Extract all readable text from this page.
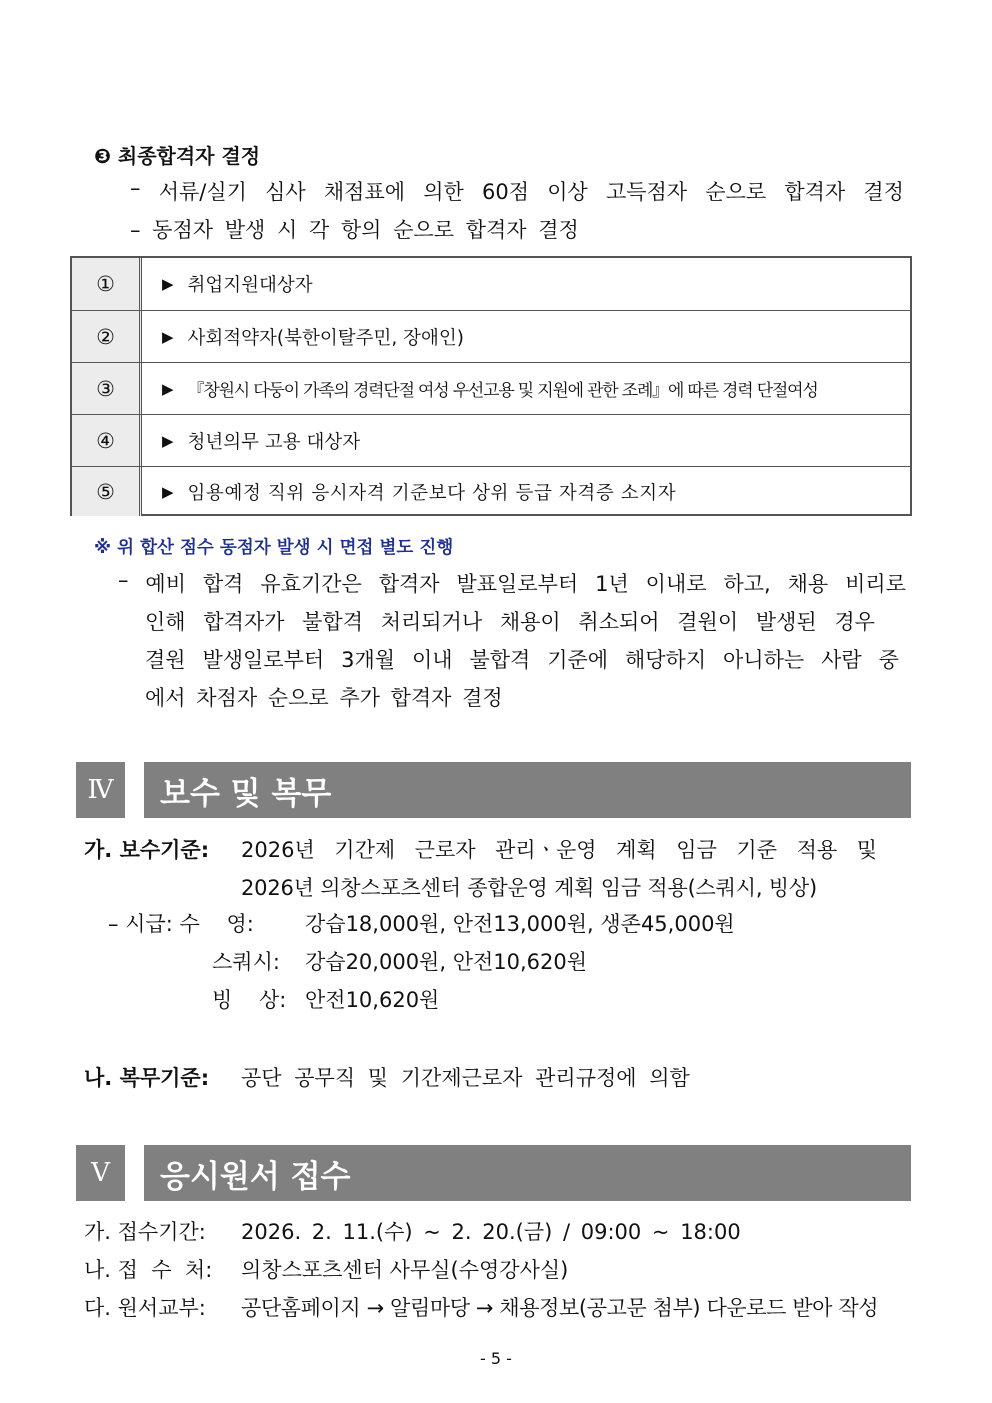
❸ 최종합격자 결정
– 서류/실기 심사 채점표에 의한 60점 이상 고득점자 순으로 합격자 결정
– 동점자 발생 시 각 항의 순으로 합격자 결정
①	▶ 취업지원대상자
②	▶ 사회적약자(북한이탈주민, 장애인)
③	▶ 『창원시 다둥이 가족의 경력단절 여성 우선고용 및 지원에 관한 조례』에 따른 경력 단절여성
④	▶ 청년의무 고용 대상자
⑤	▶ 임용예정 직위 응시자격 기준보다 상위 등급 자격증 소지자
※ 위 합산 점수 동점자 발생 시 면접 별도 진행
– 예비 합격 유효기간은 합격자 발표일로부터 1년 이내로 하고, 채용 비리로
인해 합격자가 불합격 처리되거나 채용이 취소되어 결원이 발생된 경우
결원 발생일로부터 3개월 이내 불합격 기준에 해당하지 아니하는 사람 중
에서 차점자 순으로 추가 합격자 결정
Ⅳ	보수 및 복무
가. 보수기준: 2026년 기간제 근로자 관리ㆍ운영 계획 임금 기준 적용 및
2026년 의창스포츠센터 종합운영 계획 임금 적용(스쿼시, 빙상)
– 시급: 수    영: 강습18,000원, 안전13,000원, 생존45,000원
스쿼시: 강습20,000원, 안전10,620원
빙    상: 안전10,620원
나. 복무기준: 공단 공무직 및 기간제근로자 관리규정에 의함
Ⅴ	응시원서 접수
가. 접수기간: 2026. 2. 11.(수) ~ 2. 20.(금) / 09:00 ~ 18:00
나. 접  수  처: 의창스포츠센터 사무실(수영강사실)
다. 원서교부: 공단홈페이지 → 알림마당 → 채용정보(공고문 첨부) 다운로드 받아 작성
- 5 -
